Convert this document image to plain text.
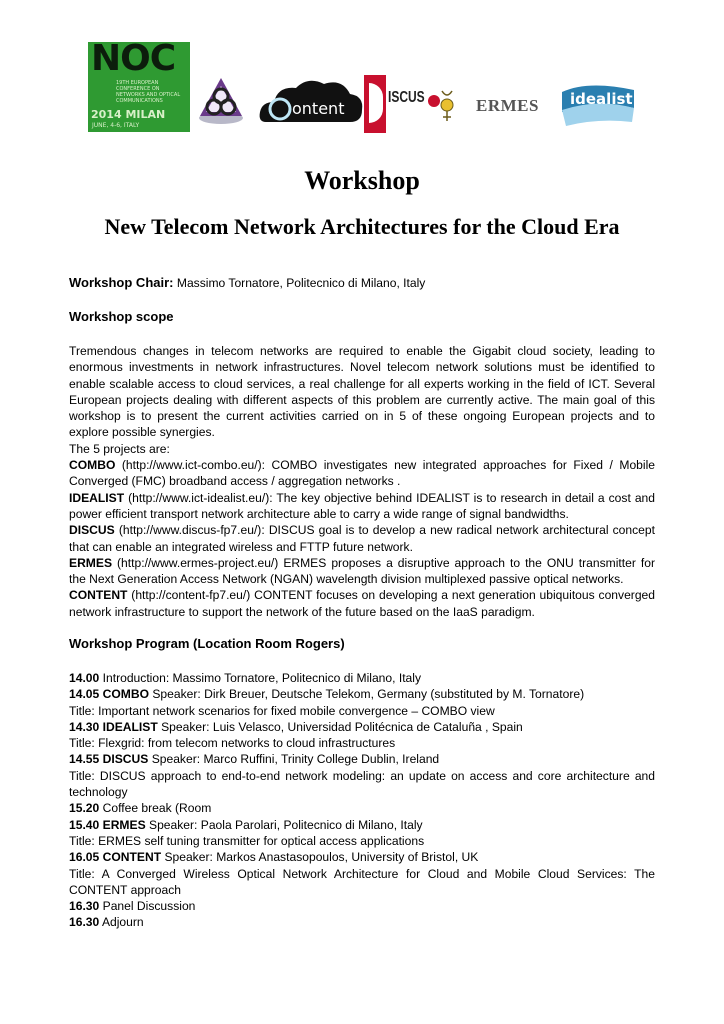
NOC
19TH EUROPEAN CONFERENCE ON NETWORKS AND OPTICAL COMMUNICATIONS
2014 MILAN
JUNE, 4-6, ITALY
ontent
ISCUS	ERMES idealist
Workshop
New Telecom Network Architectures for the Cloud Era

Workshop Chair: Massimo Tornatore, Politecnico di Milano, Italy

Workshop scope

Tremendous changes in telecom networks are required to enable the Gigabit cloud society, leading to enormous investments in network infrastructures. Novel telecom network solutions must be identified to enable scalable access to cloud services, a real challenge for all experts working in the field of ICT. Several European projects dealing with different aspects of this problem are currently active. The main goal of this workshop is to present the current activities carried on in 5 of these ongoing European projects and to explore possible synergies.

The 5 projects are:

COMBO (http://www.ict-combo.eu/): COMBO investigates new integrated approaches for Fixed / Mobile Converged (FMC) broadband access / aggregation networks .

IDEALIST (http://www.ict-idealist.eu/): The key objective behind IDEALIST is to research in detail a cost and power efficient transport network architecture able to carry a wide range of signal bandwidths.

DISCUS (http://www.discus-fp7.eu/): DISCUS goal is to develop a new radical network architectural concept that can enable an integrated wireless and FTTP future network.

ERMES (http://www.ermes-project.eu/) ERMES proposes a disruptive approach to the ONU transmitter for the Next Generation Access Network (NGAN) wavelength division multiplexed passive optical networks.

CONTENT (http://content-fp7.eu/) CONTENT focuses on developing a next generation ubiquitous converged network infrastructure to support the network of the future based on the IaaS paradigm.

Workshop Program (Location Room Rogers)

14.00 Introduction: Massimo Tornatore, Politecnico di Milano, Italy

14.05 COMBO Speaker: Dirk Breuer, Deutsche Telekom, Germany (substituted by M. Tornatore)

Title: Important network scenarios for fixed mobile convergence – COMBO view

14.30 IDEALIST Speaker: Luis Velasco, Universidad Politécnica de Cataluña , Spain

Title: Flexgrid: from telecom networks to cloud infrastructures

14.55 DISCUS Speaker: Marco Ruffini, Trinity College Dublin, Ireland

Title: DISCUS approach to end-to-end network modeling: an update on access and core architecture and technology

15.20 Coffee break (Room

15.40 ERMES Speaker: Paola Parolari, Politecnico di Milano, Italy

Title: ERMES self tuning transmitter for optical access applications

16.05 CONTENT Speaker: Markos Anastasopoulos, University of Bristol, UK

Title: A Converged Wireless Optical Network Architecture for Cloud and Mobile Cloud Services: The CONTENT approach

16.30 Panel Discussion

16.30 Adjourn
